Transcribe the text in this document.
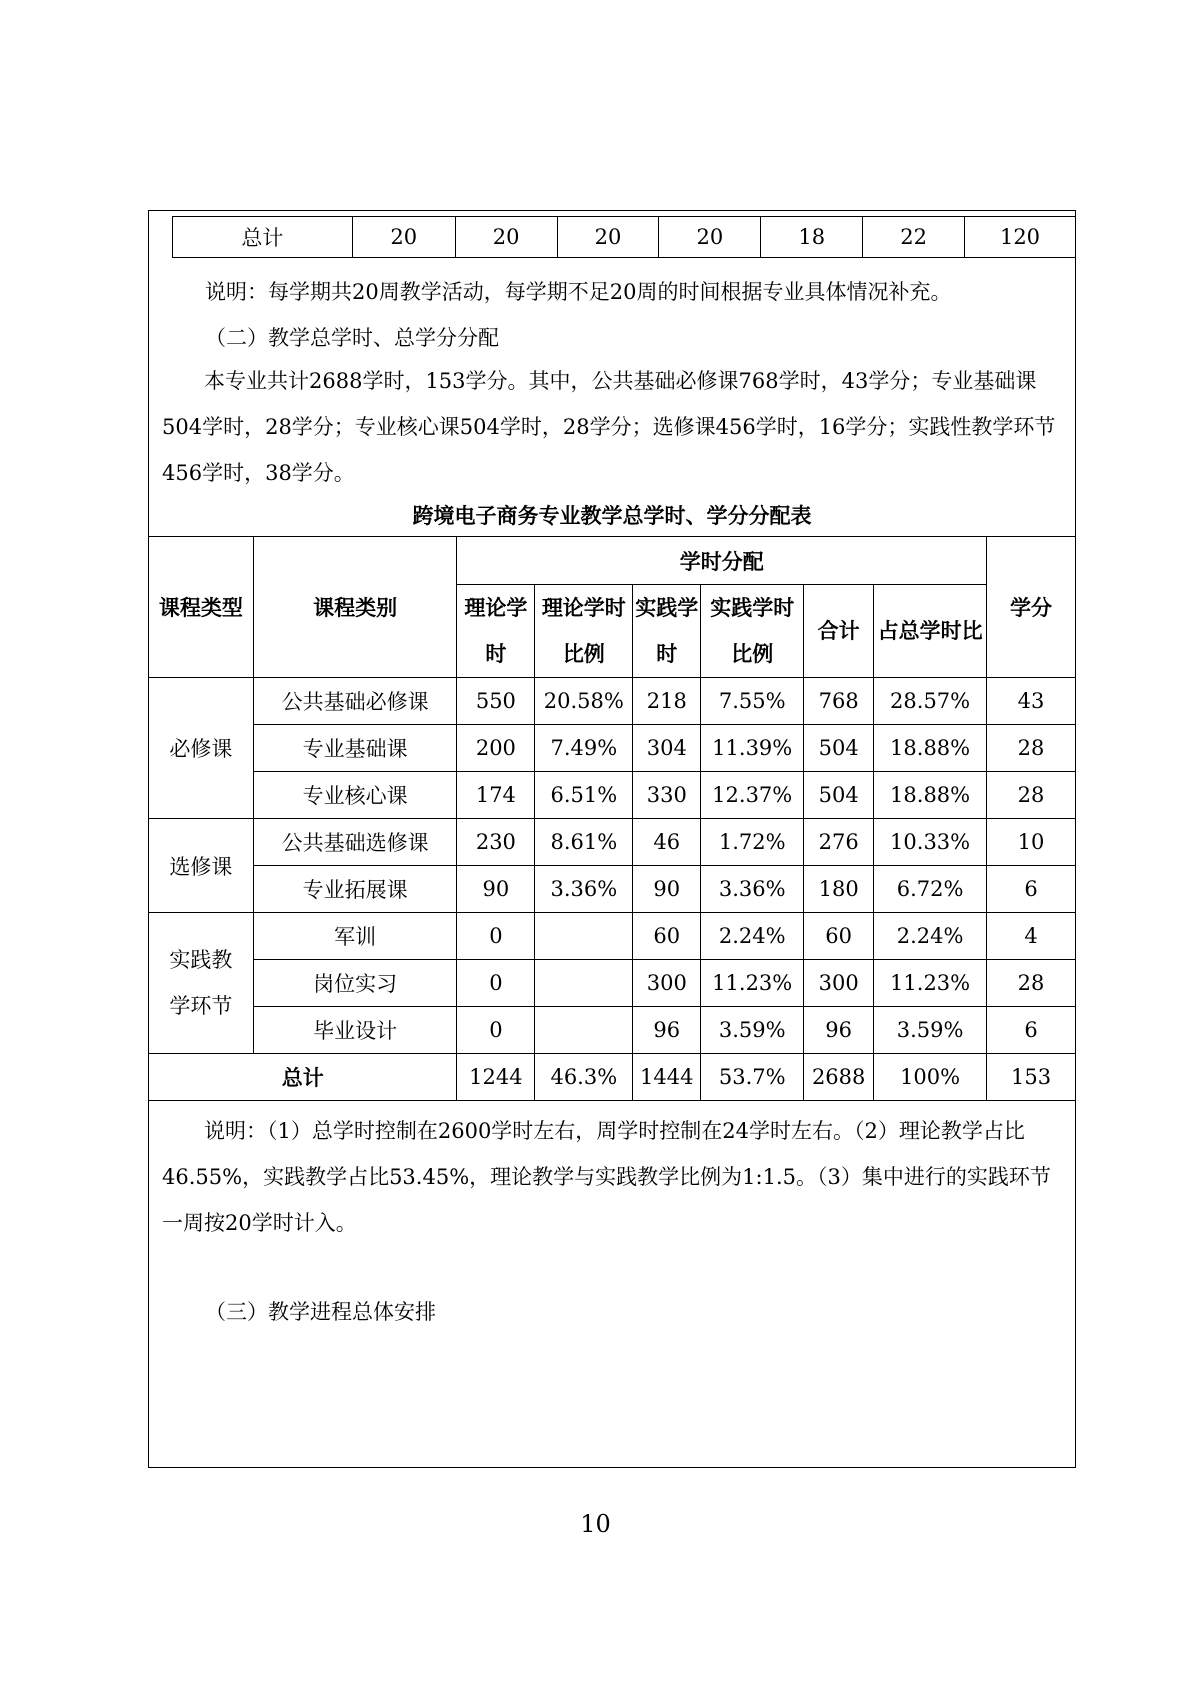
总计	20	20	20	20	18	22	120
说明：每学期共20周教学活动，每学期不足20周的时间根据专业具体情况补充。
（二）教学总学时、总学分分配
本专业共计2688学时，153学分。其中，公共基础必修课768学时，43学分；专业基础课504学时，28学分；专业核心课504学时，28学分；选修课456学时，16学分；实践性教学环节456学时，38学分。
跨境电子商务专业教学总学时、学分分配表
课程类型	课程类别	学时分配						学分
		理论学时	理论学时比例	实践学时	实践学时比例	合计	占总学时比	
必修课	公共基础必修课	550	20.58%	218	7.55%	768	28.57%	43
	专业基础课	200	7.49%	304	11.39%	504	18.88%	28
	专业核心课	174	6.51%	330	12.37%	504	18.88%	28
选修课	公共基础选修课	230	8.61%	46	1.72%	276	10.33%	10
	专业拓展课	90	3.36%	90	3.36%	180	6.72%	6
实践教学环节	军训	0		60	2.24%	60	2.24%	4
	岗位实习	0		300	11.23%	300	11.23%	28
	毕业设计	0		96	3.59%	96	3.59%	6
总计		1244	46.3%	1444	53.7%	2688	100%	153
说明：（1）总学时控制在2600学时左右，周学时控制在24学时左右。（2）理论教学占比46.55%，实践教学占比53.45%，理论教学与实践教学比例为1:1.5。（3）集中进行的实践环节一周按20学时计入。
（三）教学进程总体安排
10
